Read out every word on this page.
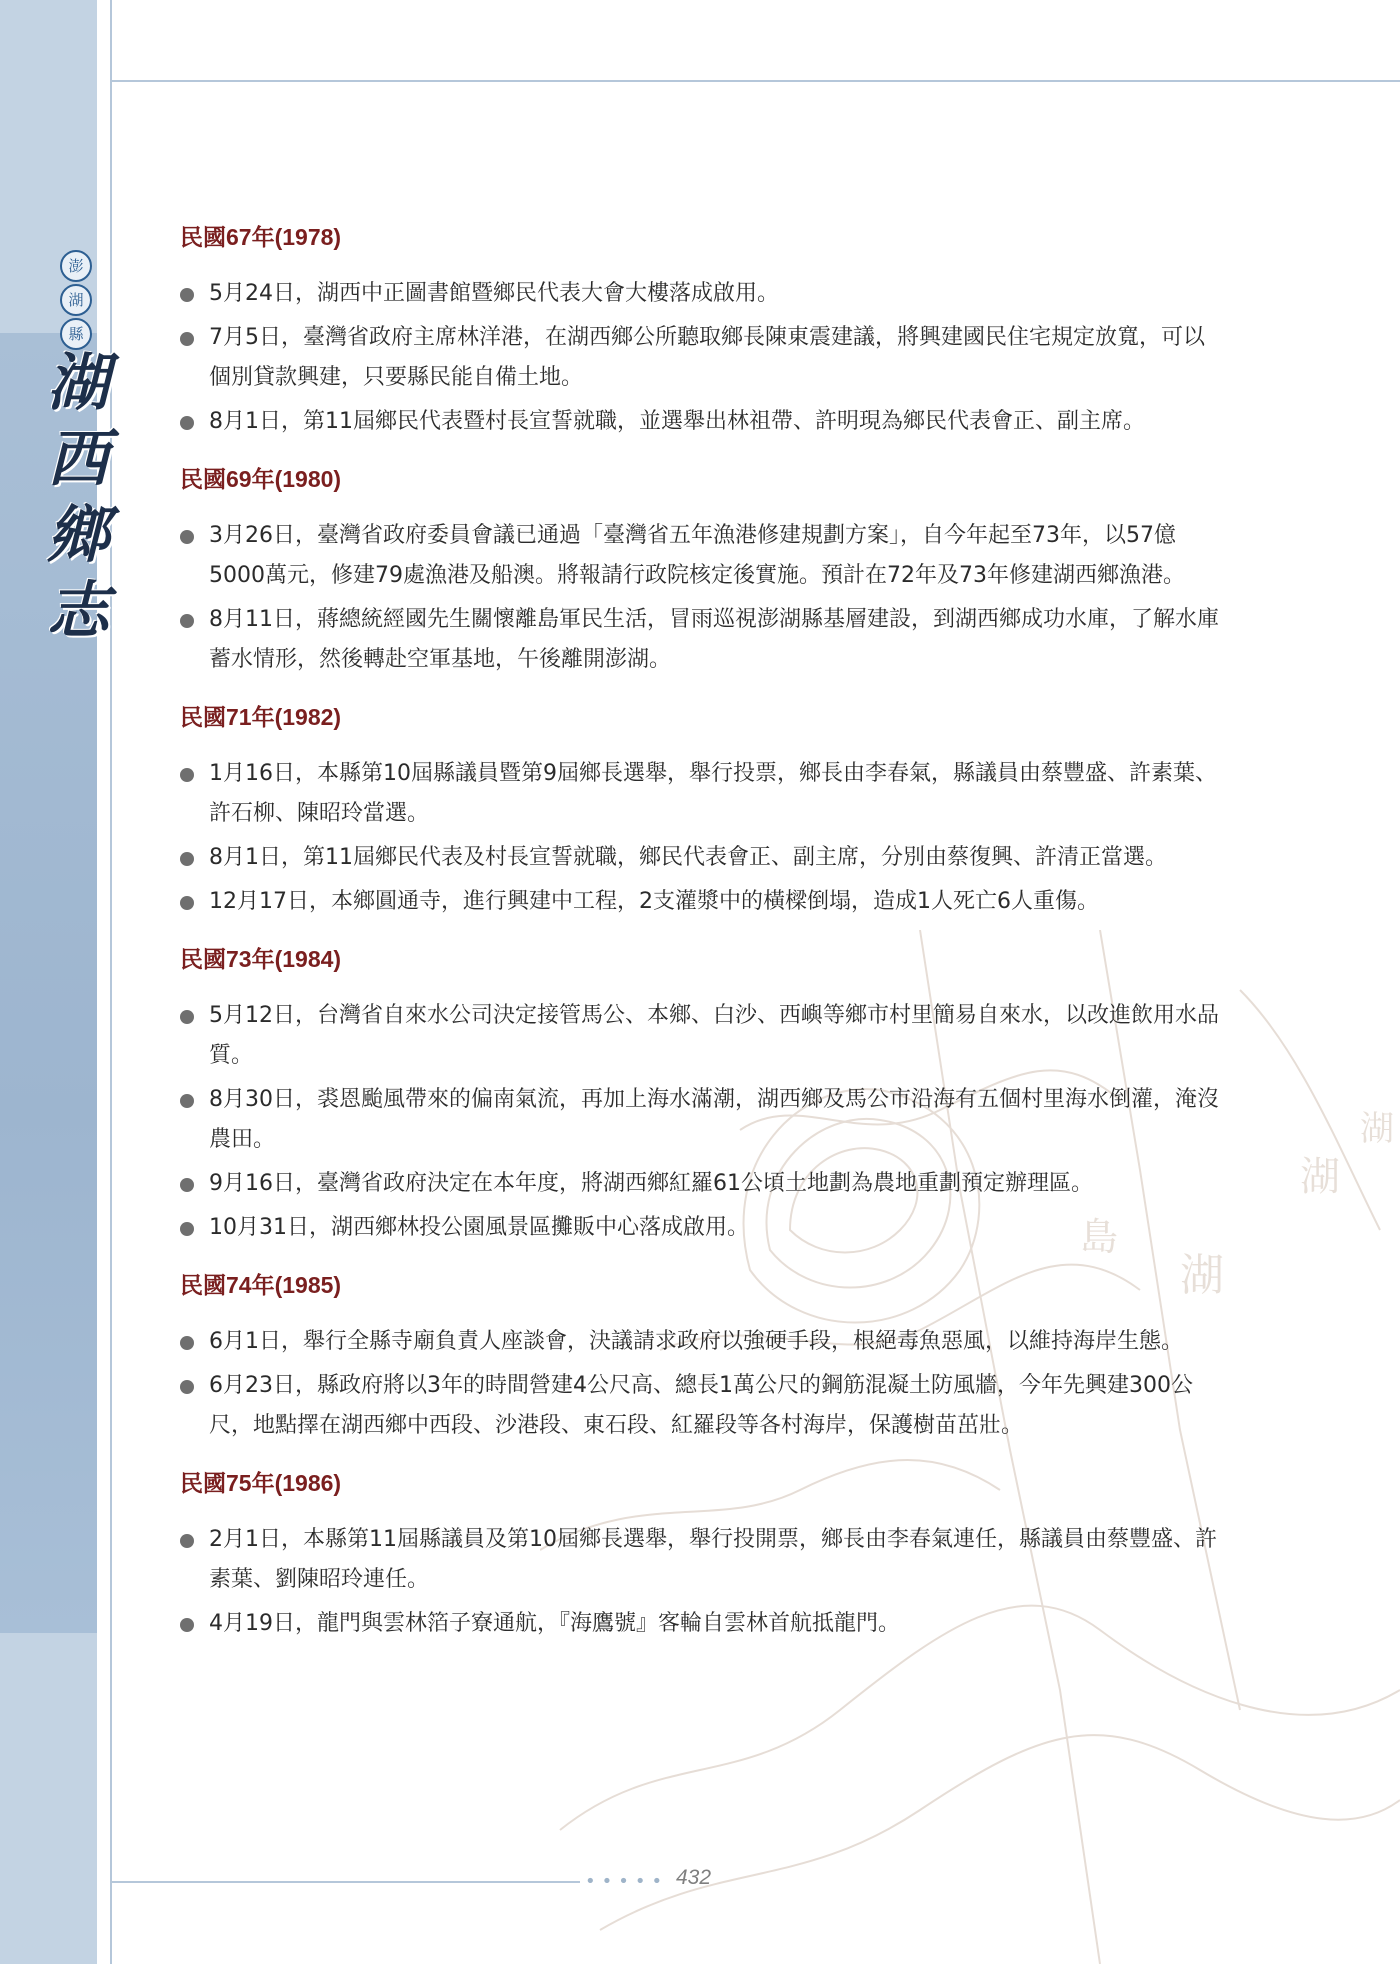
湖
島
湖
湖
澎
湖
縣
湖
西
鄉
志
民國67年(1978)
5月24日，湖西中正圖書館暨鄉民代表大會大樓落成啟用。
7月5日，臺灣省政府主席林洋港，在湖西鄉公所聽取鄉長陳東震建議，將興建國民住宅規定放寬，可以個別貸款興建，只要縣民能自備土地。
8月1日，第11屆鄉民代表暨村長宣誓就職，並選舉出林祖帶、許明現為鄉民代表會正、副主席。
民國69年(1980)
3月26日，臺灣省政府委員會議已通過「臺灣省五年漁港修建規劃方案」，自今年起至73年，以57億5000萬元，修建79處漁港及船澳。將報請行政院核定後實施。預計在72年及73年修建湖西鄉漁港。
8月11日，蔣總統經國先生關懷離島軍民生活，冒雨巡視澎湖縣基層建設，到湖西鄉成功水庫，了解水庫蓄水情形，然後轉赴空軍基地，午後離開澎湖。
民國71年(1982)
1月16日，本縣第10屆縣議員暨第9屆鄉長選舉，舉行投票，鄉長由李春氣，縣議員由蔡豐盛、許素葉、許石柳、陳昭玲當選。
8月1日，第11屆鄉民代表及村長宣誓就職，鄉民代表會正、副主席，分別由蔡復興、許清正當選。
12月17日，本鄉圓通寺，進行興建中工程，2支灌漿中的橫樑倒塌，造成1人死亡6人重傷。
民國73年(1984)
5月12日，台灣省自來水公司決定接管馬公、本鄉、白沙、西嶼等鄉市村里簡易自來水，以改進飲用水品質。
8月30日，裘恩颱風帶來的偏南氣流，再加上海水滿潮，湖西鄉及馬公市沿海有五個村里海水倒灌，淹沒農田。
9月16日，臺灣省政府決定在本年度，將湖西鄉紅羅61公頃土地劃為農地重劃預定辦理區。
10月31日，湖西鄉林投公園風景區攤販中心落成啟用。
民國74年(1985)
6月1日，舉行全縣寺廟負責人座談會，決議請求政府以強硬手段，根絕毒魚惡風，以維持海岸生態。
6月23日，縣政府將以3年的時間營建4公尺高、總長1萬公尺的鋼筋混凝土防風牆，今年先興建300公尺，地點擇在湖西鄉中西段、沙港段、東石段、紅羅段等各村海岸，保護樹苗茁壯。
民國75年(1986)
2月1日，本縣第11屆縣議員及第10屆鄉長選舉，舉行投開票，鄉長由李春氣連任，縣議員由蔡豐盛、許素葉、劉陳昭玲連任。
4月19日，龍門與雲林箔子寮通航，『海鷹號』客輪自雲林首航抵龍門。
••••• 432
